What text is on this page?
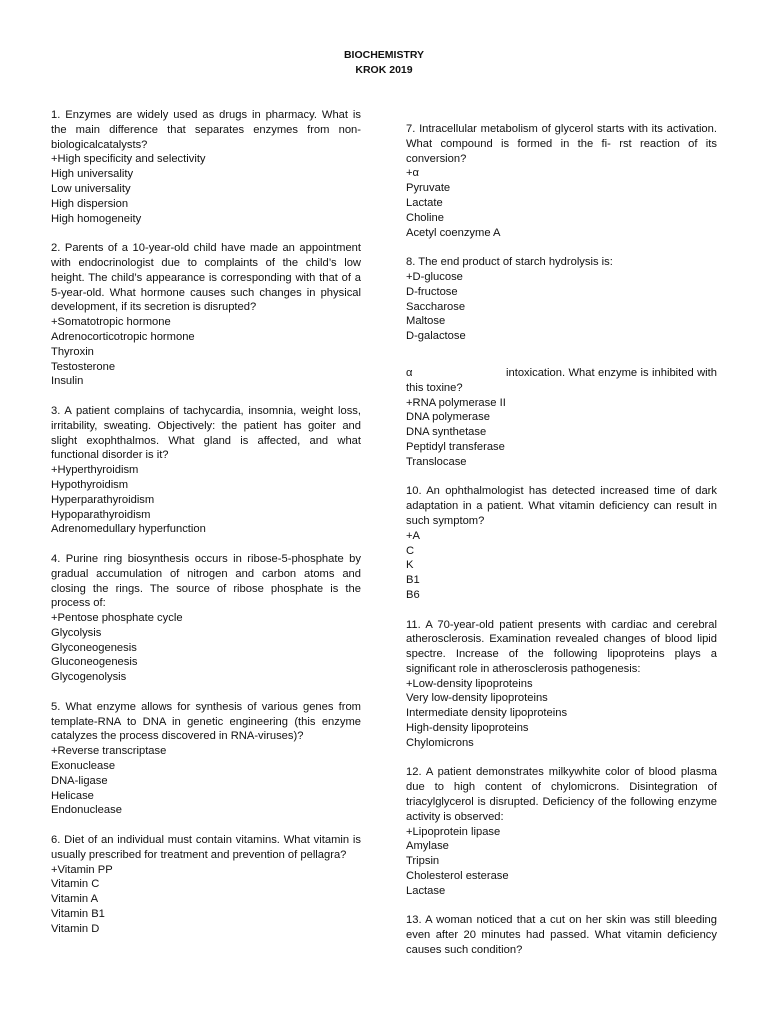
BIOCHEMISTRY
KROK 2019

1. Enzymes are widely used as drugs in pharmacy. What is the main difference that separates enzymes from non-biologicalcatalysts?

+High specificity and selectivity

High universality

Low universality

High dispersion

High homogeneity

2. Parents of a 10-year-old child have made an appointment with endocrinologist due to complaints of the child’s low height. The child’s appearance is corresponding with that of a 5-year-old. What hormone causes such changes in physical development, if its secretion is disrupted?

+Somatotropic hormone

Adrenocorticotropic hormone

Thyroxin

Testosterone

Insulin

3. A patient complains of tachycardia, insomnia, weight loss, irritability, sweating. Objectively: the patient has goiter and slight exophthalmos. What gland is affected, and what functional disorder is it?

+Hyperthyroidism

Hypothyroidism

Hyperparathyroidism

Hypoparathyroidism

Adrenomedullary hyperfunction

4. Purine ring biosynthesis occurs in ribose-5-phosphate by gradual accumulation of nitrogen and carbon atoms and closing the rings. The source of ribose phosphate is the process of:

+Pentose phosphate cycle

Glycolysis

Glyconeogenesis

Gluconeogenesis

Glycogenolysis

5. What enzyme allows for synthesis of various genes from template-RNA to DNA in genetic engineering (this enzyme catalyzes the process discovered in RNA-viruses)?

+Reverse transcriptase

Exonuclease

DNA-ligase

Helicase

Endonuclease

6. Diet of an individual must contain vitamins. What vitamin is usually prescribed for treatment and prevention of pellagra?

+Vitamin PP

Vitamin C

Vitamin A

Vitamin B1

Vitamin D

7. Intracellular metabolism of glycerol starts with its activation. What compound is formed in the fi- rst reaction of its conversion?

+α

Pyruvate

Lactate

Choline

Acetyl coenzyme A

8. The end product of starch hydrolysis is:

+D-glucose

D-fructose

Saccharose

Maltose

D-galactose

α	intoxication. What enzyme is inhibited with this toxine?

+RNA polymerase II

DNA polymerase

DNA synthetase

Peptidyl transferase

Translocase

10. An ophthalmologist has detected increased time of dark adaptation in a patient. What vitamin deficiency can result in such symptom?

+A

C

K

B1

B6

11. A 70-year-old patient presents with cardiac and cerebral atherosclerosis. Examination revealed changes of blood lipid spectre. Increase of the following lipoproteins plays a significant role in atherosclerosis pathogenesis:

+Low-density lipoproteins

Very low-density lipoproteins

Intermediate density lipoproteins

High-density lipoproteins

Chylomicrons

12. A patient demonstrates milkywhite color of blood plasma due to high content of chylomicrons. Disintegration of triacylglycerol is disrupted. Deficiency of the following enzyme activity is observed:

+Lipoprotein lipase

Amylase

Tripsin

Cholesterol esterase

Lactase

13. A woman noticed that a cut on her skin was still bleeding even after 20 minutes had passed. What vitamin deficiency causes such condition?
